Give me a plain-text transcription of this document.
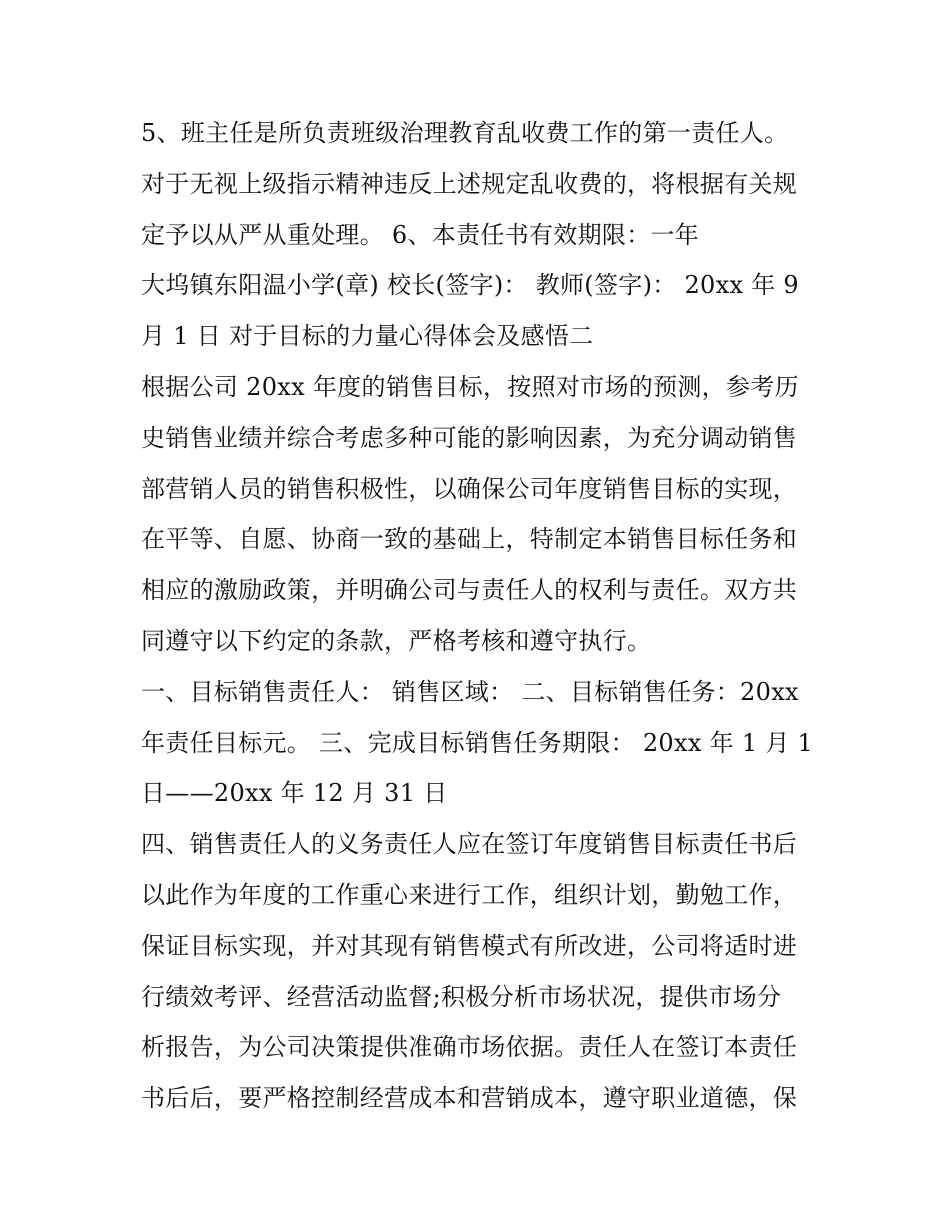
5、班主任是所负责班级治理教育乱收费工作的第一责任人。
对于无视上级指示精神违反上述规定乱收费的，将根据有关规
定予以从严从重处理。 6、本责任书有效期限：一年
大坞镇东阳温小学(章) 校长(签字)： 教师(签字)： 20xx 年 9
月 1 日 对于目标的力量心得体会及感悟二
根据公司 20xx 年度的销售目标，按照对市场的预测，参考历
史销售业绩并综合考虑多种可能的影响因素，为充分调动销售
部营销人员的销售积极性，以确保公司年度销售目标的实现，
在平等、自愿、协商一致的基础上，特制定本销售目标任务和
相应的激励政策，并明确公司与责任人的权利与责任。双方共
同遵守以下约定的条款，严格考核和遵守执行。
一、目标销售责任人： 销售区域： 二、目标销售任务：20xx
年责任目标元。 三、完成目标销售任务期限： 20xx 年 1 月 1
日——20xx 年 12 月 31 日
四、销售责任人的义务责任人应在签订年度销售目标责任书后
以此作为年度的工作重心来进行工作，组织计划，勤勉工作，
保证目标实现，并对其现有销售模式有所改进，公司将适时进
行绩效考评、经营活动监督;积极分析市场状况，提供市场分
析报告，为公司决策提供准确市场依据。责任人在签订本责任
书后后，要严格控制经营成本和营销成本，遵守职业道德，保
